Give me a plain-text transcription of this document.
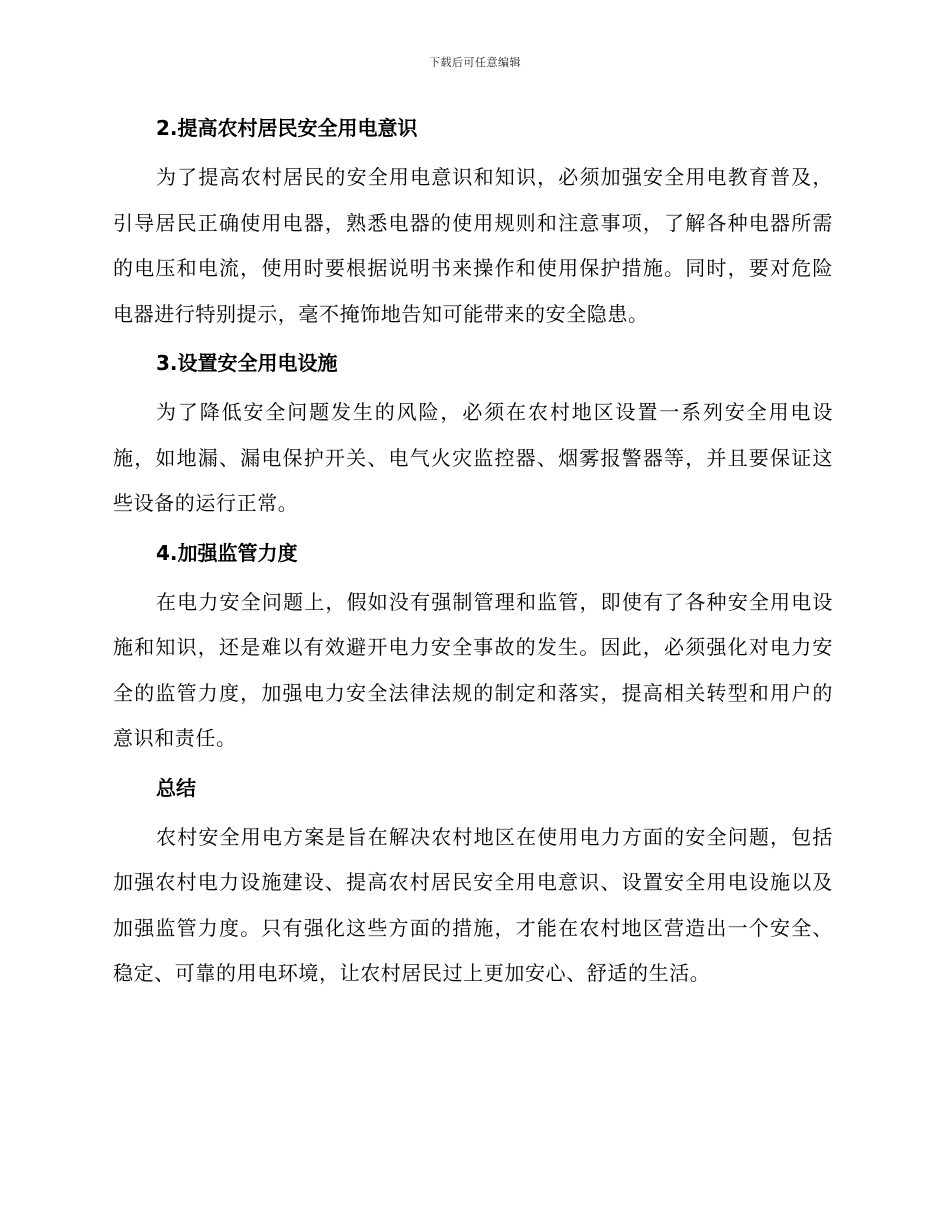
下载后可任意编辑
2.提高农村居民安全用电意识

为了提高农村居民的安全用电意识和知识，必须加强安全用电教育普及，引导居民正确使用电器，熟悉电器的使用规则和注意事项，了解各种电器所需的电压和电流，使用时要根据说明书来操作和使用保护措施。同时，要对危险电器进行特别提示，毫不掩饰地告知可能带来的安全隐患。

3.设置安全用电设施

为了降低安全问题发生的风险，必须在农村地区设置一系列安全用电设施，如地漏、漏电保护开关、电气火灾监控器、烟雾报警器等，并且要保证这些设备的运行正常。

4.加强监管力度

在电力安全问题上，假如没有强制管理和监管，即使有了各种安全用电设施和知识，还是难以有效避开电力安全事故的发生。因此，必须强化对电力安全的监管力度，加强电力安全法律法规的制定和落实，提高相关转型和用户的意识和责任。

总结

农村安全用电方案是旨在解决农村地区在使用电力方面的安全问题，包括加强农村电力设施建设、提高农村居民安全用电意识、设置安全用电设施以及加强监管力度。只有强化这些方面的措施，才能在农村地区营造出一个安全、稳定、可靠的用电环境，让农村居民过上更加安心、舒适的生活。
